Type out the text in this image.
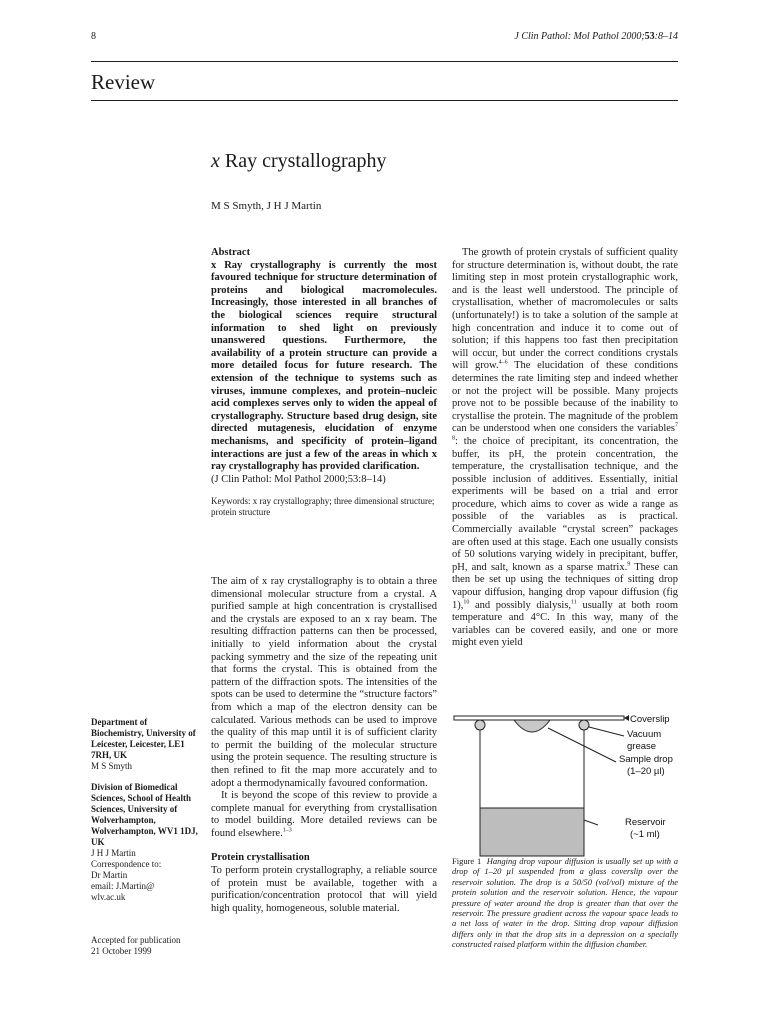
8	J Clin Pathol: Mol Pathol 2000;53:8–14
Review
x Ray crystallography
M S Smyth, J H J Martin

Abstract

x Ray crystallography is currently the most favoured technique for structure determination of proteins and biological macromolecules. Increasingly, those interested in all branches of the biological sciences require structural information to shed light on previously unanswered questions. Furthermore, the availability of a protein structure can provide a more detailed focus for future research. The extension of the technique to systems such as viruses, immune complexes, and protein–nucleic acid complexes serves only to widen the appeal of crystallography. Structure based drug design, site directed mutagenesis, elucidation of enzyme mechanisms, and specificity of protein–ligand interactions are just a few of the areas in which x ray crystallography has provided clarification.

(J Clin Pathol: Mol Pathol 2000;53:8–14)

Keywords: x ray crystallography; three dimensional structure; protein structure

The aim of x ray crystallography is to obtain a three dimensional molecular structure from a crystal. A purified sample at high concentration is crystallised and the crystals are exposed to an x ray beam. The resulting diffraction patterns can then be processed, initially to yield information about the crystal packing symmetry and the size of the repeating unit that forms the crystal. This is obtained from the pattern of the diffraction spots. The intensities of the spots can be used to determine the “structure factors” from which a map of the electron density can be calculated. Various methods can be used to improve the quality of this map until it is of sufficient clarity to permit the building of the molecular structure using the protein sequence. The resulting structure is then refined to fit the map more accurately and to adopt a thermodynamically favoured conformation.

It is beyond the scope of this review to provide a complete manual for everything from crystallisation to model building. More detailed reviews can be found elsewhere.$^{1-3}$

Protein crystallisation

To perform protein crystallography, a reliable source of protein must be available, together with a purification/concentration protocol that will yield high quality, homogeneous, soluble material.

The growth of protein crystals of sufficient quality for structure determination is, without doubt, the rate limiting step in most protein crystallographic work, and is the least well understood. The principle of crystallisation, whether of macromolecules or salts (unfortunately!) is to take a solution of the sample at high concentration and induce it to come out of solution; if this happens too fast then precipitation will occur, but under the correct conditions crystals will grow.$^{4-6}$ The elucidation of these conditions determines the rate limiting step and indeed whether or not the project will be possible. Many projects prove not to be possible because of the inability to crystallise the protein. The magnitude of the problem can be understood when one considers the variables$^{7 8}$: the choice of precipitant, its concentration, the buffer, its pH, the protein concentration, the temperature, the crystallisation technique, and the possible inclusion of additives. Essentially, initial experiments will be based on a trial and error procedure, which aims to cover as wide a range as possible of the variables as is practical. Commercially available “crystal screen” packages are often used at this stage. Each one usually consists of 50 solutions varying widely in precipitant, buffer, pH, and salt, known as a sparse matrix.$^9$ These can then be set up using the techniques of sitting drop vapour diffusion, hanging drop vapour diffusion (fig 1),$^{10}$ and possibly dialysis,$^{11}$ usually at both room temperature and 4°C. In this way, many of the variables can be covered easily, and one or more might even yield

Department of Biochemistry, University of Leicester, Leicester, LE1 7RH, UK
M S Smyth
Division of Biomedical Sciences, School of Health Sciences, University of Wolverhampton, Wolverhampton, WV1 1DJ, UK
J H J Martin
Correspondence to:
Dr Martin
email: J.Martin@
wlv.ac.uk
Accepted for publication
21 October 1999
Coverslip
Vacuum
grease
Sample drop
(1–20 µl)
Reservoir
(~1 ml)
Figure 1 Hanging drop vapour diffusion is usually set up with a drop of 1–20 µl suspended from a glass coverslip over the reservoir solution. The drop is a 50/50 (vol/vol) mixture of the protein solution and the reservoir solution. Hence, the vapour pressure of water around the drop is greater than that over the reservoir. The pressure gradient across the vapour space leads to a net loss of water in the drop. Sitting drop vapour diffusion differs only in that the drop sits in a depression on a specially constructed raised platform within the diffusion chamber.
